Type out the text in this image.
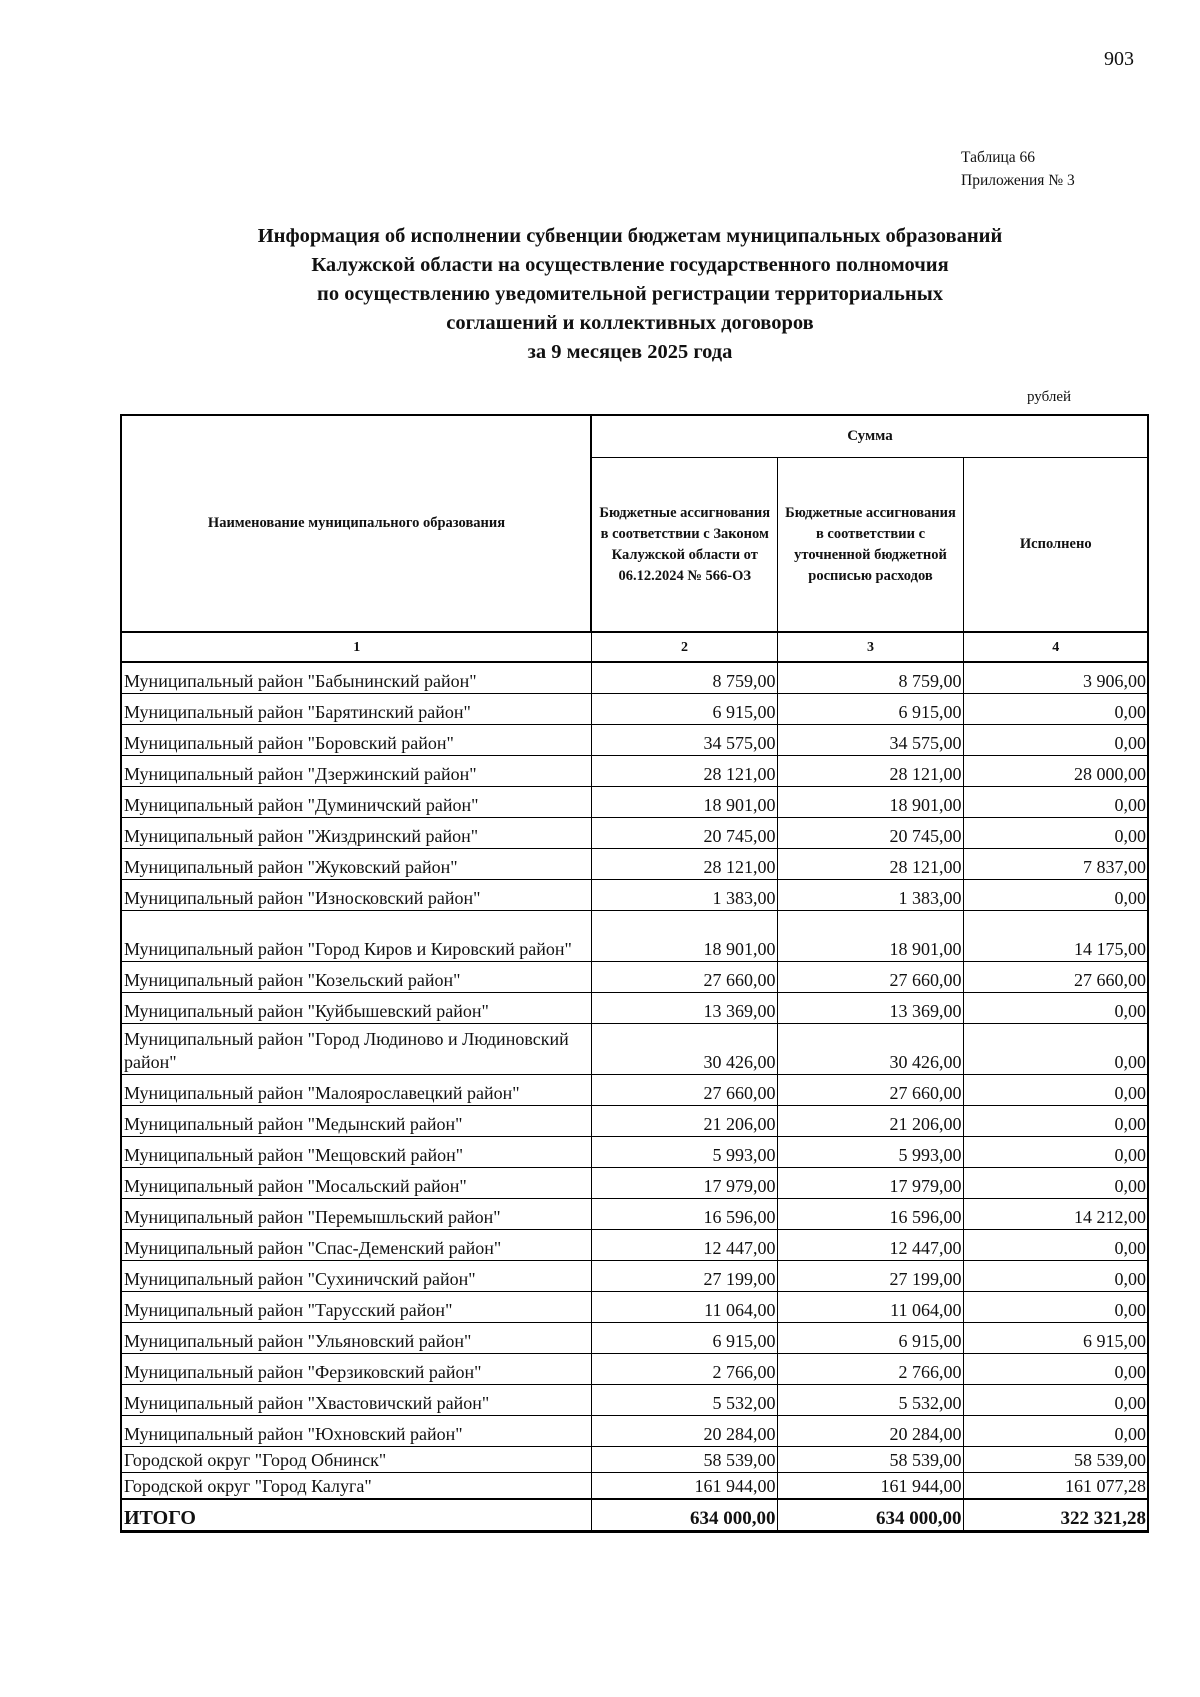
903
Таблица 66
Приложения № 3
Информация об исполнении субвенции бюджетам муниципальных образований
Калужской области на осуществление государственного полномочия
по осуществлению уведомительной регистрации территориальных
соглашений и коллективных договоров
за 9 месяцев 2025 года
рублей
Наименование муниципального образования	Сумма		
	Бюджетные ассигнования в соответствии с Законом Калужской области от 06.12.2024 № 566-ОЗ	Бюджетные ассигнования в соответствии с уточненной бюджетной росписью расходов	Исполнено
1	2	3	4
Муниципальный район "Бабынинский район"	8 759,00	8 759,00	3 906,00
Муниципальный район "Барятинский район"	6 915,00	6 915,00	0,00
Муниципальный район "Боровский район"	34 575,00	34 575,00	0,00
Муниципальный район "Дзержинский район"	28 121,00	28 121,00	28 000,00
Муниципальный район "Думиничский район"	18 901,00	18 901,00	0,00
Муниципальный район "Жиздринский район"	20 745,00	20 745,00	0,00
Муниципальный район "Жуковский район"	28 121,00	28 121,00	7 837,00
Муниципальный район "Износковский район"	1 383,00	1 383,00	0,00
Муниципальный район "Город Киров и Кировский район"	18 901,00	18 901,00	14 175,00
Муниципальный район "Козельский район"	27 660,00	27 660,00	27 660,00
Муниципальный район "Куйбышевский район"	13 369,00	13 369,00	0,00
Муниципальный район "Город Людиново и Людиновский район"	30 426,00	30 426,00	0,00
Муниципальный район "Малоярославецкий район"	27 660,00	27 660,00	0,00
Муниципальный район "Медынский район"	21 206,00	21 206,00	0,00
Муниципальный район "Мещовский район"	5 993,00	5 993,00	0,00
Муниципальный район "Мосальский район"	17 979,00	17 979,00	0,00
Муниципальный район "Перемышльский район"	16 596,00	16 596,00	14 212,00
Муниципальный район "Спас-Деменский район"	12 447,00	12 447,00	0,00
Муниципальный район "Сухиничский район"	27 199,00	27 199,00	0,00
Муниципальный район "Тарусский район"	11 064,00	11 064,00	0,00
Муниципальный район "Ульяновский район"	6 915,00	6 915,00	6 915,00
Муниципальный район "Ферзиковский район"	2 766,00	2 766,00	0,00
Муниципальный район "Хвастовичский район"	5 532,00	5 532,00	0,00
Муниципальный район "Юхновский район"	20 284,00	20 284,00	0,00
Городской округ "Город Обнинск"	58 539,00	58 539,00	58 539,00
Городской округ "Город Калуга"	161 944,00	161 944,00	161 077,28
ИТОГО	634 000,00	634 000,00	322 321,28
